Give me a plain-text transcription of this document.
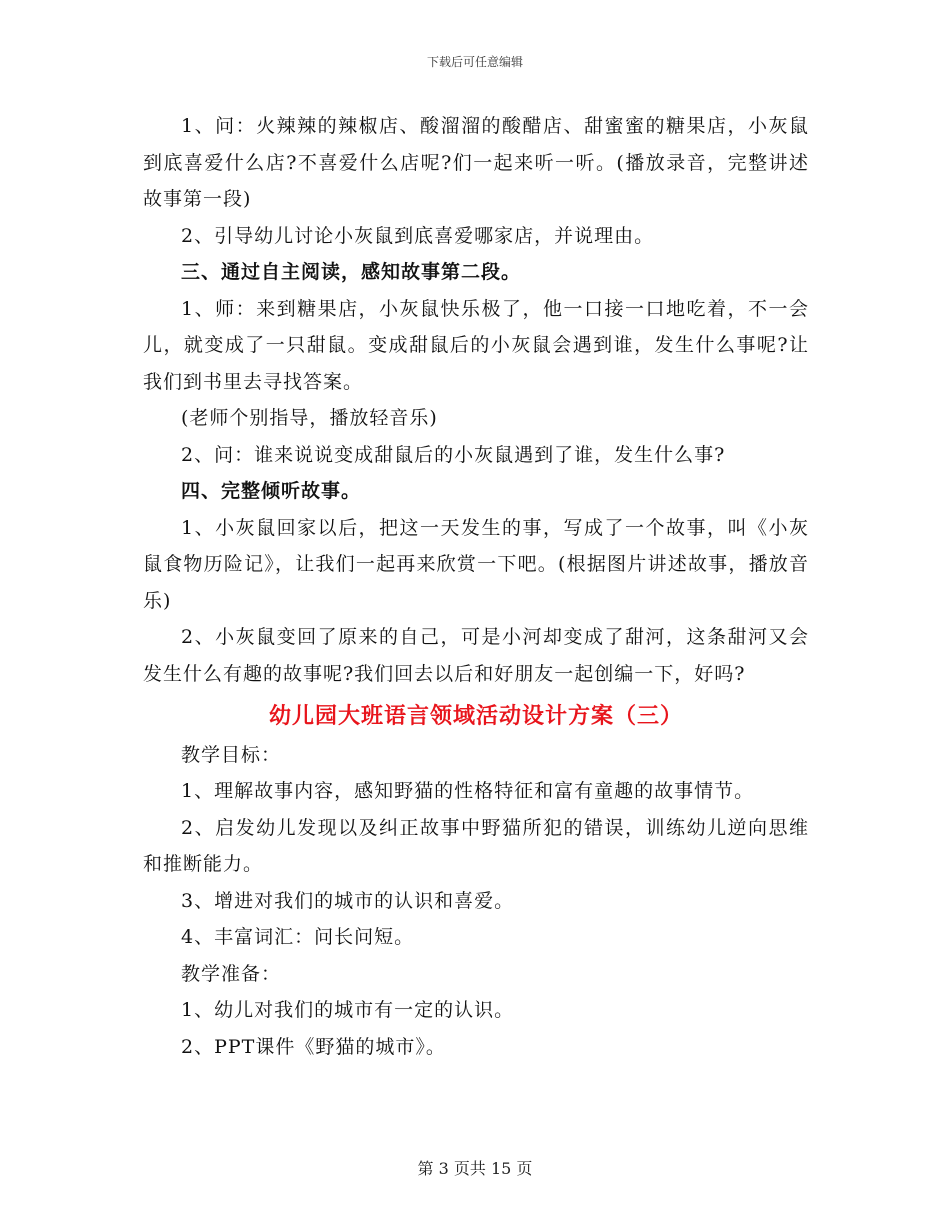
下载后可任意编辑

1、问：火辣辣的辣椒店、酸溜溜的酸醋店、甜蜜蜜的糖果店，小灰鼠到底喜爱什么店?不喜爱什么店呢?们一起来听一听。(播放录音，完整讲述故事第一段)

2、引导幼儿讨论小灰鼠到底喜爱哪家店，并说理由。

三、通过自主阅读，感知故事第二段。

1、师：来到糖果店，小灰鼠快乐极了，他一口接一口地吃着，不一会儿，就变成了一只甜鼠。变成甜鼠后的小灰鼠会遇到谁，发生什么事呢?让我们到书里去寻找答案。

(老师个别指导，播放轻音乐)

2、问：谁来说说变成甜鼠后的小灰鼠遇到了谁，发生什么事?

四、完整倾听故事。

1、小灰鼠回家以后，把这一天发生的事，写成了一个故事，叫《小灰鼠食物历险记》，让我们一起再来欣赏一下吧。(根据图片讲述故事，播放音乐)

2、小灰鼠变回了原来的自己，可是小河却变成了甜河，这条甜河又会发生什么有趣的故事呢?我们回去以后和好朋友一起创编一下，好吗?

幼儿园大班语言领域活动设计方案（三）

教学目标：

1、理解故事内容，感知野猫的性格特征和富有童趣的故事情节。

2、启发幼儿发现以及纠正故事中野猫所犯的错误，训练幼儿逆向思维和推断能力。

3、增进对我们的城市的认识和喜爱。

4、丰富词汇：问长问短。

教学准备：

1、幼儿对我们的城市有一定的认识。

2、PPT课件《野猫的城市》。

第 3 页共 15 页
